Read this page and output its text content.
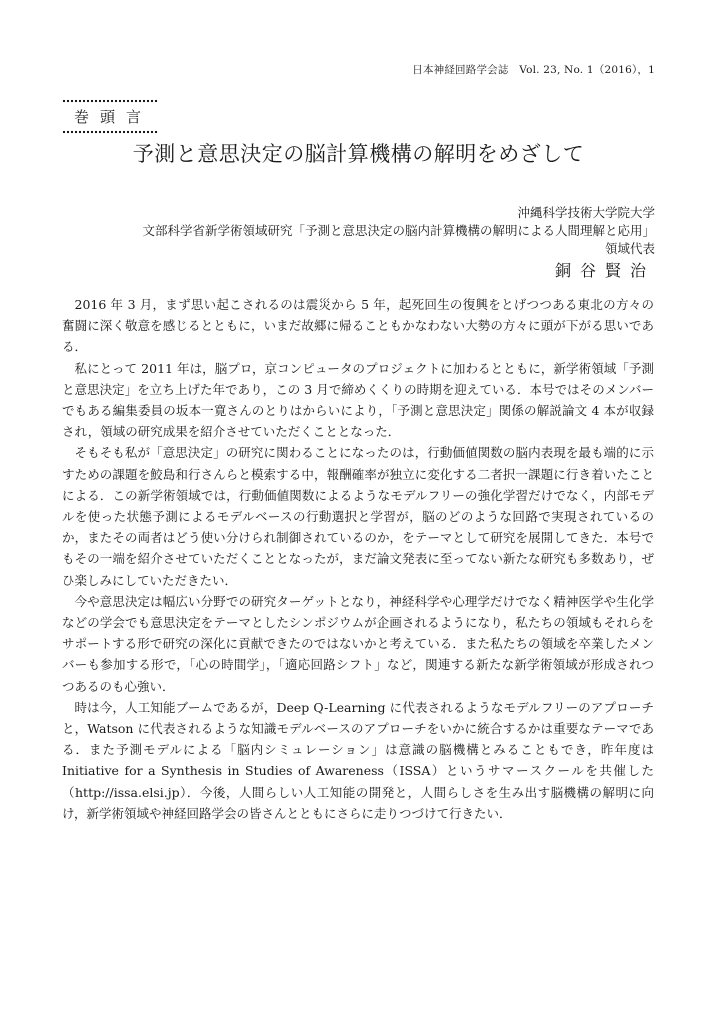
日本神経回路学会誌　Vol. 23, No. 1（2016），1
巻頭言
予測と意思決定の脳計算機構の解明をめざして
沖縄科学技術大学院大学
文部科学省新学術領域研究「予測と意思決定の脳内計算機構の解明による人間理解と応用」
領域代表
銅谷賢治

2016 年 3 月，まず思い起こされるのは震災から 5 年，起死回生の復興をとげつつある東北の方々の奮闘に深く敬意を感じるとともに，いまだ故郷に帰ることもかなわない大勢の方々に頭が下がる思いである．

私にとって 2011 年は，脳プロ，京コンピュータのプロジェクトに加わるとともに，新学術領域「予測と意思決定」を立ち上げた年であり，この 3 月で締めくくりの時期を迎えている．本号ではそのメンバーでもある編集委員の坂本一寛さんのとりはからいにより，「予測と意思決定」関係の解説論文 4 本が収録され，領域の研究成果を紹介させていただくこととなった．

そもそも私が「意思決定」の研究に関わることになったのは，行動価値関数の脳内表現を最も端的に示すための課題を鮫島和行さんらと模索する中，報酬確率が独立に変化する二者択一課題に行き着いたことによる．この新学術領域では，行動価値関数によるようなモデルフリーの強化学習だけでなく，内部モデルを使った状態予測によるモデルベースの行動選択と学習が，脳のどのような回路で実現されているのか，またその両者はどう使い分けられ制御されているのか，をテーマとして研究を展開してきた．本号でもその一端を紹介させていただくこととなったが，まだ論文発表に至ってない新たな研究も多数あり，ぜひ楽しみにしていただきたい．

今や意思決定は幅広い分野での研究ターゲットとなり，神経科学や心理学だけでなく精神医学や生化学などの学会でも意思決定をテーマとしたシンポジウムが企画されるようになり，私たちの領域もそれらをサポートする形で研究の深化に貢献できたのではないかと考えている．また私たちの領域を卒業したメンバーも参加する形で，「心の時間学」，「適応回路シフト」など，関連する新たな新学術領域が形成されつつあるのも心強い．

時は今，人工知能ブームであるが，Deep Q-Learning に代表されるようなモデルフリーのアプローチと，Watson に代表されるような知識モデルベースのアプローチをいかに統合するかは重要なテーマである．また予測モデルによる「脳内シミュレーション」は意識の脳機構とみることもでき，昨年度は Initiative for a Synthesis in Studies of Awareness（ISSA）というサマースクールを共催した（http://issa.elsi.jp）．今後，人間らしい人工知能の開発と，人間らしさを生み出す脳機構の解明に向け，新学術領域や神経回路学会の皆さんとともにさらに走りつづけて行きたい．
